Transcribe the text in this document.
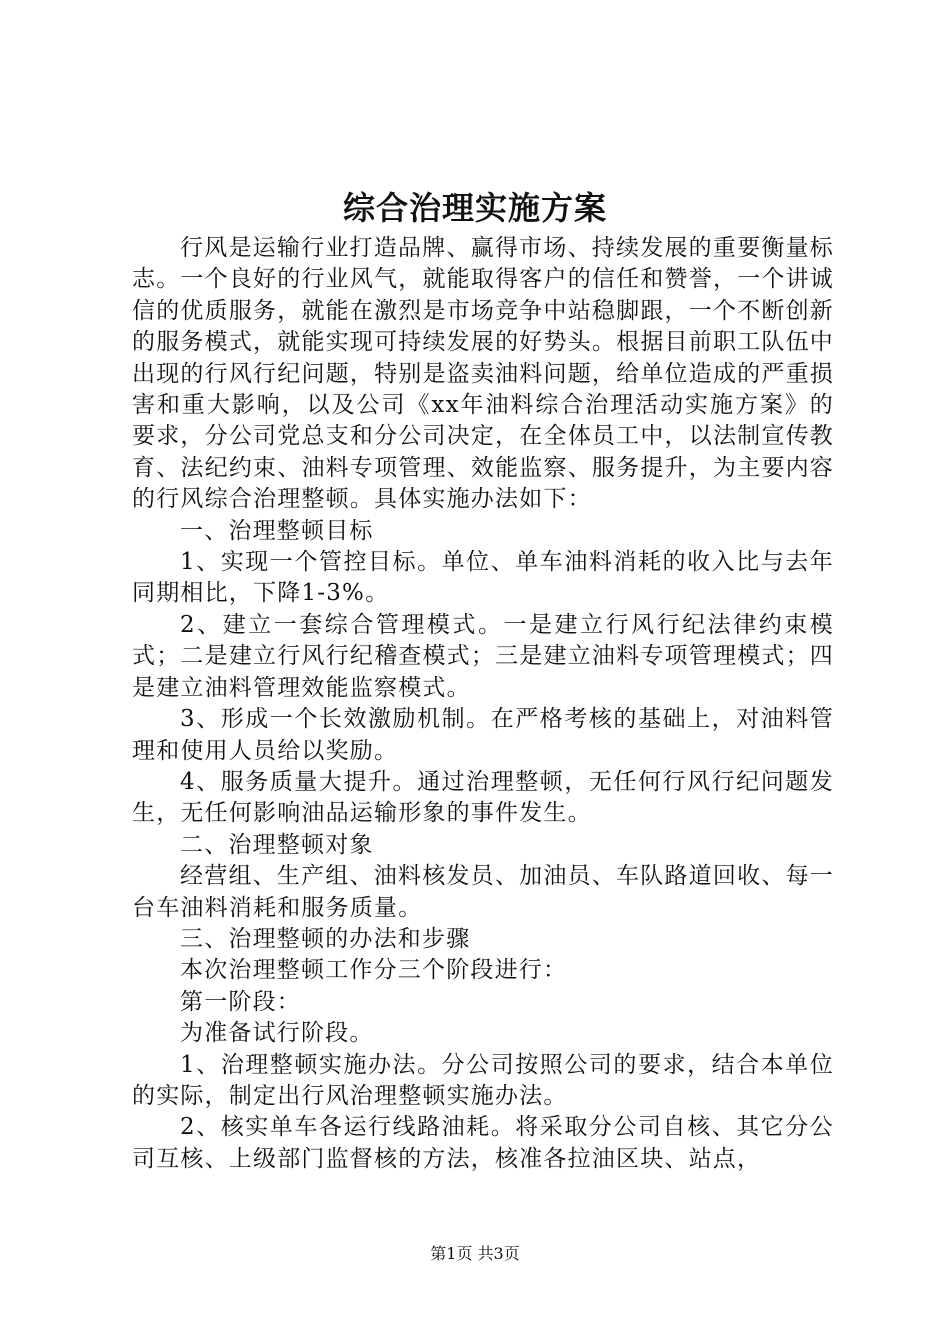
综合治理实施方案

行风是运输行业打造品牌、赢得市场、持续发展的重要衡量标志。一个良好的行业风气，就能取得客户的信任和赞誉，一个讲诚信的优质服务，就能在激烈是市场竞争中站稳脚跟，一个不断创新的服务模式，就能实现可持续发展的好势头。根据目前职工队伍中出现的行风行纪问题，特别是盗卖油料问题，给单位造成的严重损害和重大影响，以及公司《xx年油料综合治理活动实施方案》的要求，分公司党总支和分公司决定，在全体员工中，以法制宣传教育、法纪约束、油料专项管理、效能监察、服务提升，为主要内容的行风综合治理整顿。具体实施办法如下：

一、治理整顿目标

1、实现一个管控目标。单位、单车油料消耗的收入比与去年同期相比，下降1-3%。

2、建立一套综合管理模式。一是建立行风行纪法律约束模式；二是建立行风行纪稽查模式；三是建立油料专项管理模式；四是建立油料管理效能监察模式。

3、形成一个长效激励机制。在严格考核的基础上，对油料管理和使用人员给以奖励。

4、服务质量大提升。通过治理整顿，无任何行风行纪问题发生，无任何影响油品运输形象的事件发生。

二、治理整顿对象

经营组、生产组、油料核发员、加油员、车队路道回收、每一台车油料消耗和服务质量。

三、治理整顿的办法和步骤

本次治理整顿工作分三个阶段进行：

第一阶段：

为准备试行阶段。

1、治理整顿实施办法。分公司按照公司的要求，结合本单位的实际，制定出行风治理整顿实施办法。

2、核实单车各运行线路油耗。将采取分公司自核、其它分公司互核、上级部门监督核的方法，核准各拉油区块、站点，

第1页 共3页
